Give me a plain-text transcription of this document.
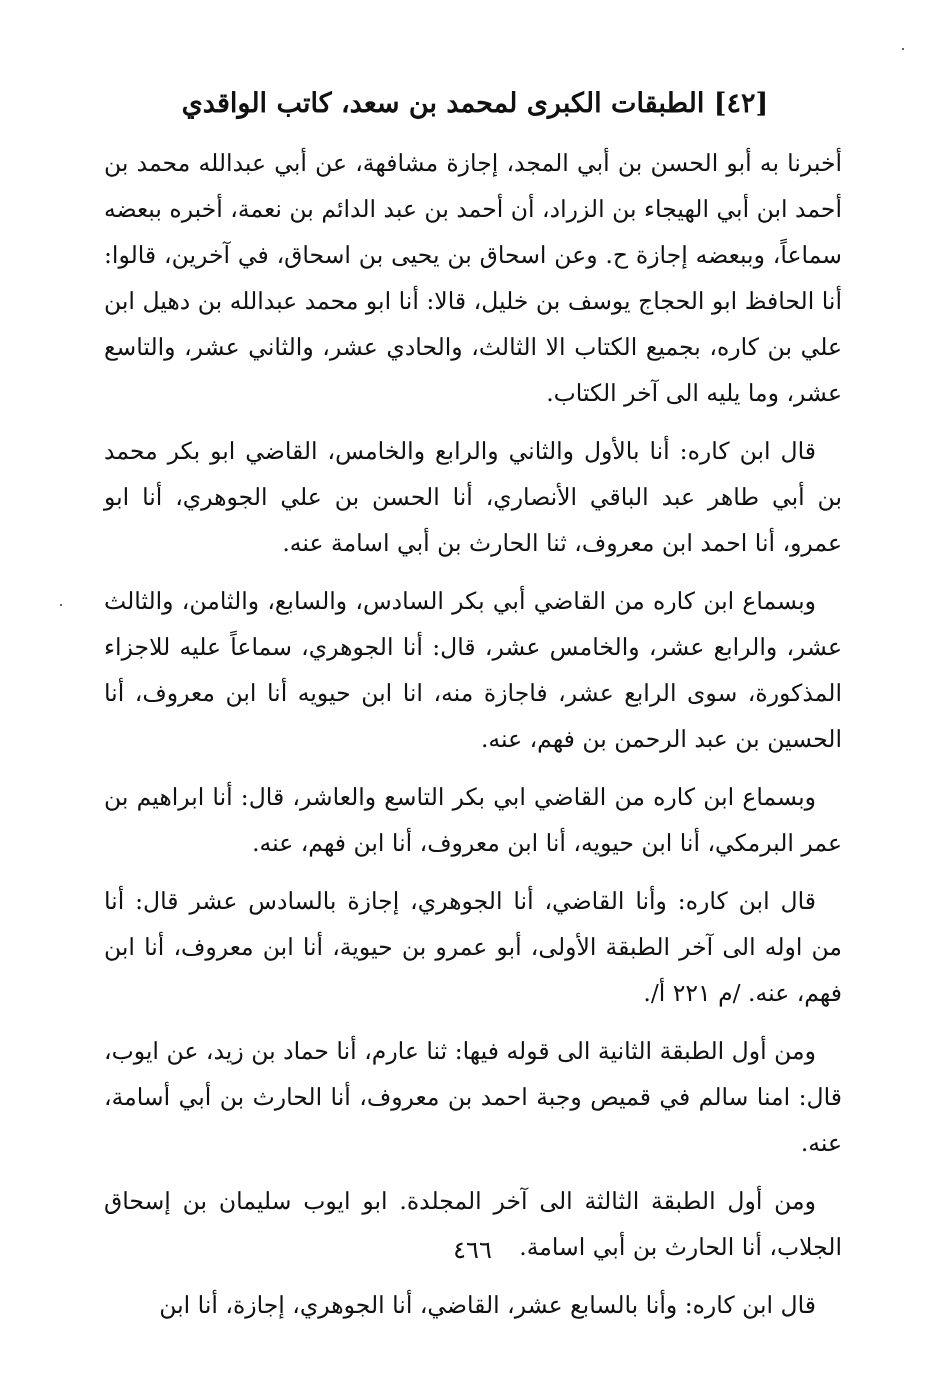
[٤٢] الطبقات الكبرى لمحمد بن سعد، كاتب الواقدي

أخبرنا به أبو الحسن بن أبي المجد، إجازة مشافهة، عن أبي عبدالله محمد بن أحمد ابن أبي الهيجاء بن الزراد، أن أحمد بن عبد الدائم بن نعمة، أخبره ببعضه سماعاً، وببعضه إجازة ح. وعن اسحاق بن يحيى بن اسحاق، في آخرين، قالوا: أنا الحافظ ابو الحجاج يوسف بن خليل، قالا: أنا ابو محمد عبدالله بن دهيل ابن علي بن كاره، بجميع الكتاب الا الثالث، والحادي عشر، والثاني عشر، والتاسع عشر، وما يليه الى آخر الكتاب.

قال ابن كاره: أنا بالأول والثاني والرابع والخامس، القاضي ابو بكر محمد بن أبي طاهر عبد الباقي الأنصاري، أنا الحسن بن علي الجوهري، أنا ابو عمرو، أنا احمد ابن معروف، ثنا الحارث بن أبي اسامة عنه.

وبسماع ابن كاره من القاضي أبي بكر السادس، والسابع، والثامن، والثالث عشر، والرابع عشر، والخامس عشر، قال: أنا الجوهري، سماعاً عليه للاجزاء المذكورة، سوى الرابع عشر، فاجازة منه، انا ابن حيويه أنا ابن معروف، أنا الحسين بن عبد الرحمن بن فهم، عنه.

وبسماع ابن كاره من القاضي ابي بكر التاسع والعاشر، قال: أنا ابراهيم بن عمر البرمكي، أنا ابن حيويه، أنا ابن معروف، أنا ابن فهم، عنه.

قال ابن كاره: وأنا القاضي، أنا الجوهري، إجازة بالسادس عشر قال: أنا من اوله الى آخر الطبقة الأولى، أبو عمرو بن حيوية، أنا ابن معروف، أنا ابن فهم، عنه. /م ٢٢١ أ/.

ومن أول الطبقة الثانية الى قوله فيها: ثنا عارم، أنا حماد بن زيد، عن ايوب، قال: امنا سالم في قميص وجبة احمد بن معروف، أنا الحارث بن أبي أسامة، عنه.

ومن أول الطبقة الثالثة الى آخر المجلدة. ابو ايوب سليمان بن إسحاق الجلاب، أنا الحارث بن أبي اسامة.

قال ابن كاره: وأنا بالسابع عشر، القاضي، أنا الجوهري، إجازة، أنا ابن

٤٦٦
